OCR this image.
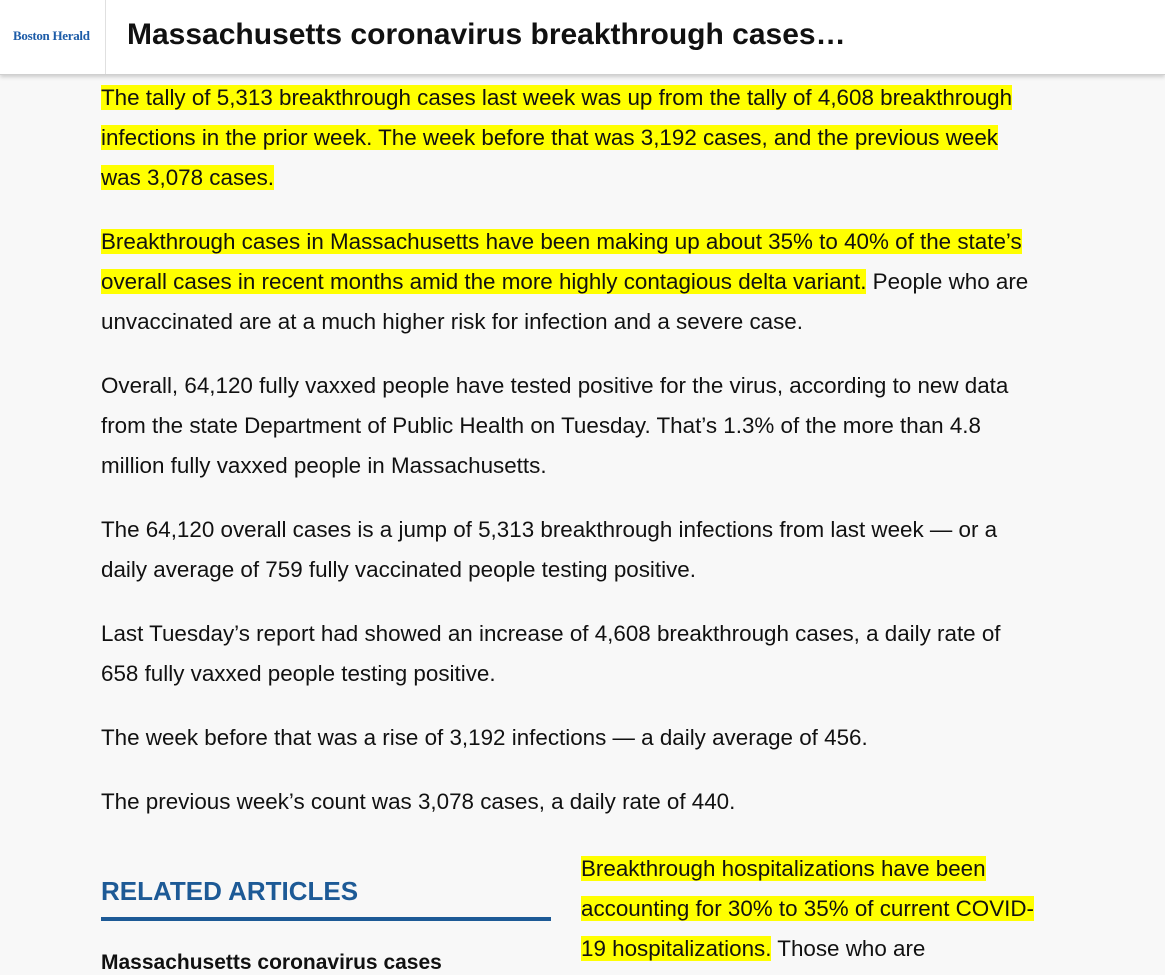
Boston Herald Massachusetts coronavirus breakthrough cases…

The tally of 5,313 breakthrough cases last week was up from the tally of 4,608 breakthrough infections in the prior week. The week before that was 3,192 cases, and the previous week was 3,078 cases.

Breakthrough cases in Massachusetts have been making up about 35% to 40% of the state’s overall cases in recent months amid the more highly contagious delta variant. People who are unvaccinated are at a much higher risk for infection and a severe case.

Overall, 64,120 fully vaxxed people have tested positive for the virus, according to new data from the state Department of Public Health on Tuesday. That’s 1.3% of the more than 4.8 million fully vaxxed people in Massachusetts.

The 64,120 overall cases is a jump of 5,313 breakthrough infections from last week — or a daily average of 759 fully vaccinated people testing positive.

Last Tuesday’s report had showed an increase of 4,608 breakthrough cases, a daily rate of 658 fully vaxxed people testing positive.

The week before that was a rise of 3,192 infections — a daily average of 456.

The previous week’s count was 3,078 cases, a daily rate of 440.

RELATED ARTICLES
Massachusetts coronavirus cases

Breakthrough hospitalizations have been accounting for 30% to 35% of current COVID-19 hospitalizations. Those who are
